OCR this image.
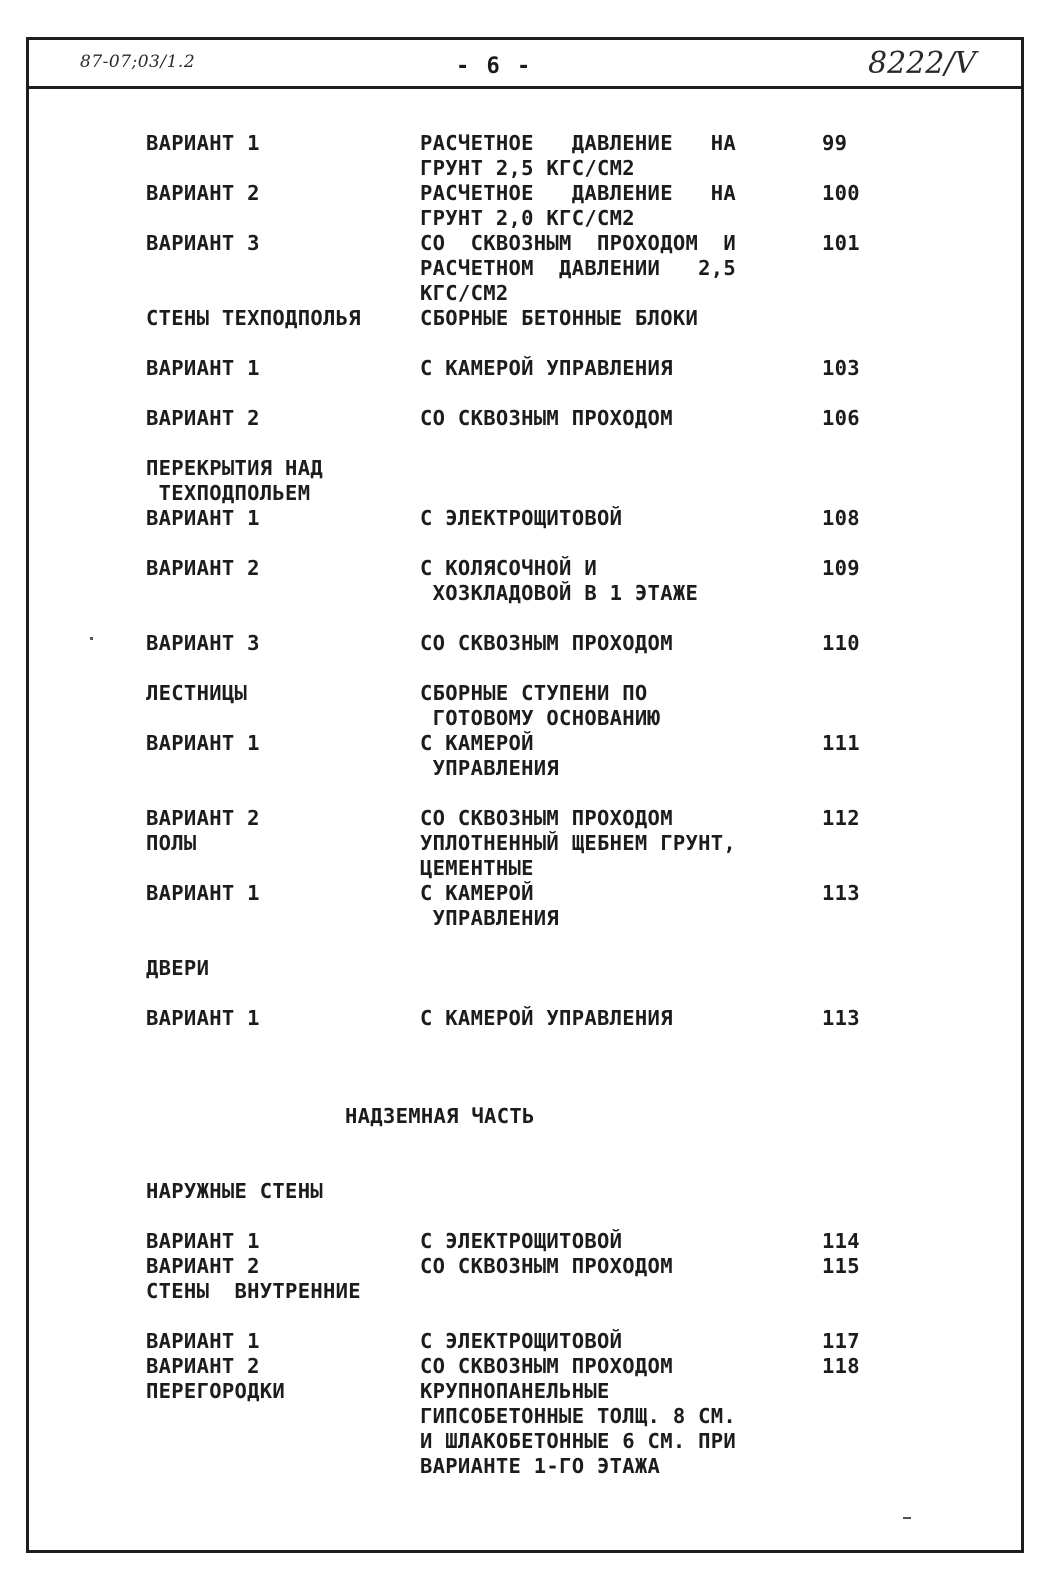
87-07;03/1.2	- 6 -	8222/V
ВАРИАНТ 1	РАСЧЕТНОЕ   ДАВЛЕНИЕ   НА	99
ГРУНТ 2,5 КГС/СМ2
ВАРИАНТ 2	РАСЧЕТНОЕ   ДАВЛЕНИЕ   НА	100
ГРУНТ 2,0 КГС/СМ2
ВАРИАНТ 3	СО  СКВОЗНЫМ  ПРОХОДОМ  И	101
РАСЧЕТНОМ  ДАВЛЕНИИ   2,5
КГС/СМ2
СТЕНЫ ТЕХПОДПОЛЬЯ	СБОРНЫЕ БЕТОННЫЕ БЛОКИ
ВАРИАНТ 1	С КАМЕРОЙ УПРАВЛЕНИЯ	103
ВАРИАНТ 2	СО СКВОЗНЫМ ПРОХОДОМ	106
ПЕРЕКРЫТИЯ НАД
ТЕХПОДПОЛЬЕМ
ВАРИАНТ 1	С ЭЛЕКТРОЩИТОВОЙ	108
ВАРИАНТ 2	С КОЛЯСОЧНОЙ И	109
ХОЗКЛАДОВОЙ В 1 ЭТАЖЕ
ВАРИАНТ 3	СО СКВОЗНЫМ ПРОХОДОМ	110
ЛЕСТНИЦЫ	СБОРНЫЕ СТУПЕНИ ПО
ГОТОВОМУ ОСНОВАНИЮ
ВАРИАНТ 1	С КАМЕРОЙ	111
УПРАВЛЕНИЯ
ВАРИАНТ 2	СО СКВОЗНЫМ ПРОХОДОМ	112
ПОЛЫ	УПЛОТНЕННЫЙ ЩЕБНЕМ ГРУНТ,
ЦЕМЕНТНЫЕ
ВАРИАНТ 1	С КАМЕРОЙ	113
УПРАВЛЕНИЯ
ДВЕРИ
ВАРИАНТ 1	С КАМЕРОЙ УПРАВЛЕНИЯ	113
НАДЗЕМНАЯ ЧАСТЬ
НАРУЖНЫЕ СТЕНЫ
ВАРИАНТ 1	С ЭЛЕКТРОЩИТОВОЙ	114
ВАРИАНТ 2	СО СКВОЗНЫМ ПРОХОДОМ	115
СТЕНЫ  ВНУТРЕННИЕ
ВАРИАНТ 1	С ЭЛЕКТРОЩИТОВОЙ	117
ВАРИАНТ 2	СО СКВОЗНЫМ ПРОХОДОМ	118
ПЕРЕГОРОДКИ	КРУПНОПАНЕЛЬНЫЕ
ГИПСОБЕТОННЫЕ ТОЛЩ. 8 СМ.
И ШЛАКОБЕТОННЫЕ 6 СМ. ПРИ
ВАРИАНТЕ 1-ГО ЭТАЖА
